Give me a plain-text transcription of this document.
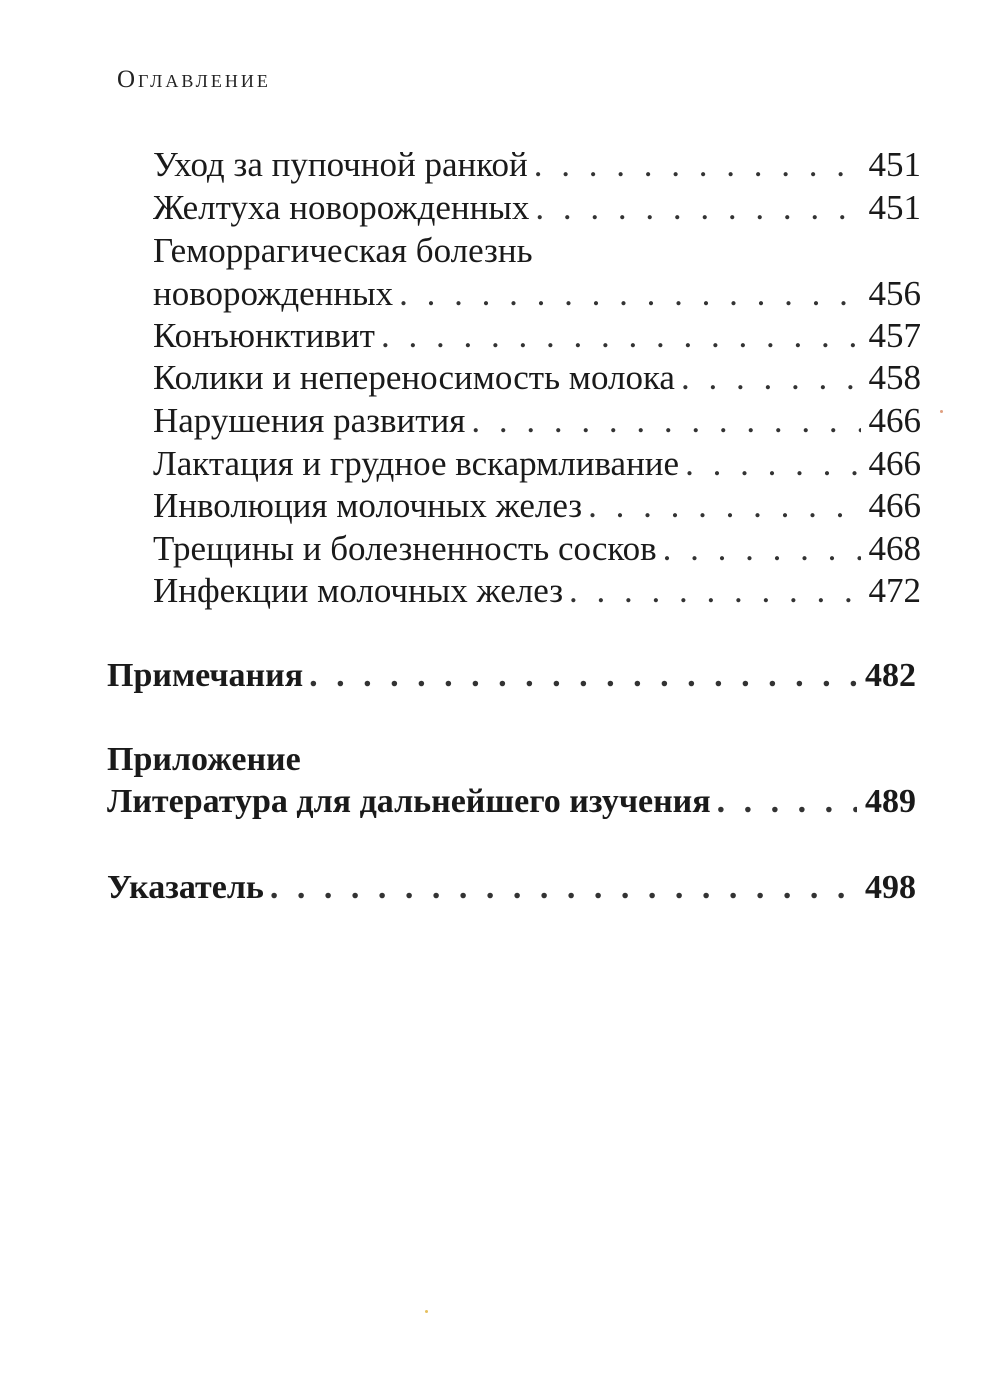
Оглавление
Уход за пупочной ранкой . . .	451
Желтуха новорожденных . . .	451
Геморрагическая болезнь
новорожденных . . .	456
Конъюнктивит . . .	457
Колики и непереносимость молока . . .	458
Нарушения развития . . .	466
Лактация и грудное вскармливание . . .	466
Инволюция молочных желез . . .	466
Трещины и болезненность сосков . . .	468
Инфекции молочных желез . . .	472
Примечания . . .	482
Приложение
Литература для дальнейшего изучения . . .	489
Указатель . . .	498
